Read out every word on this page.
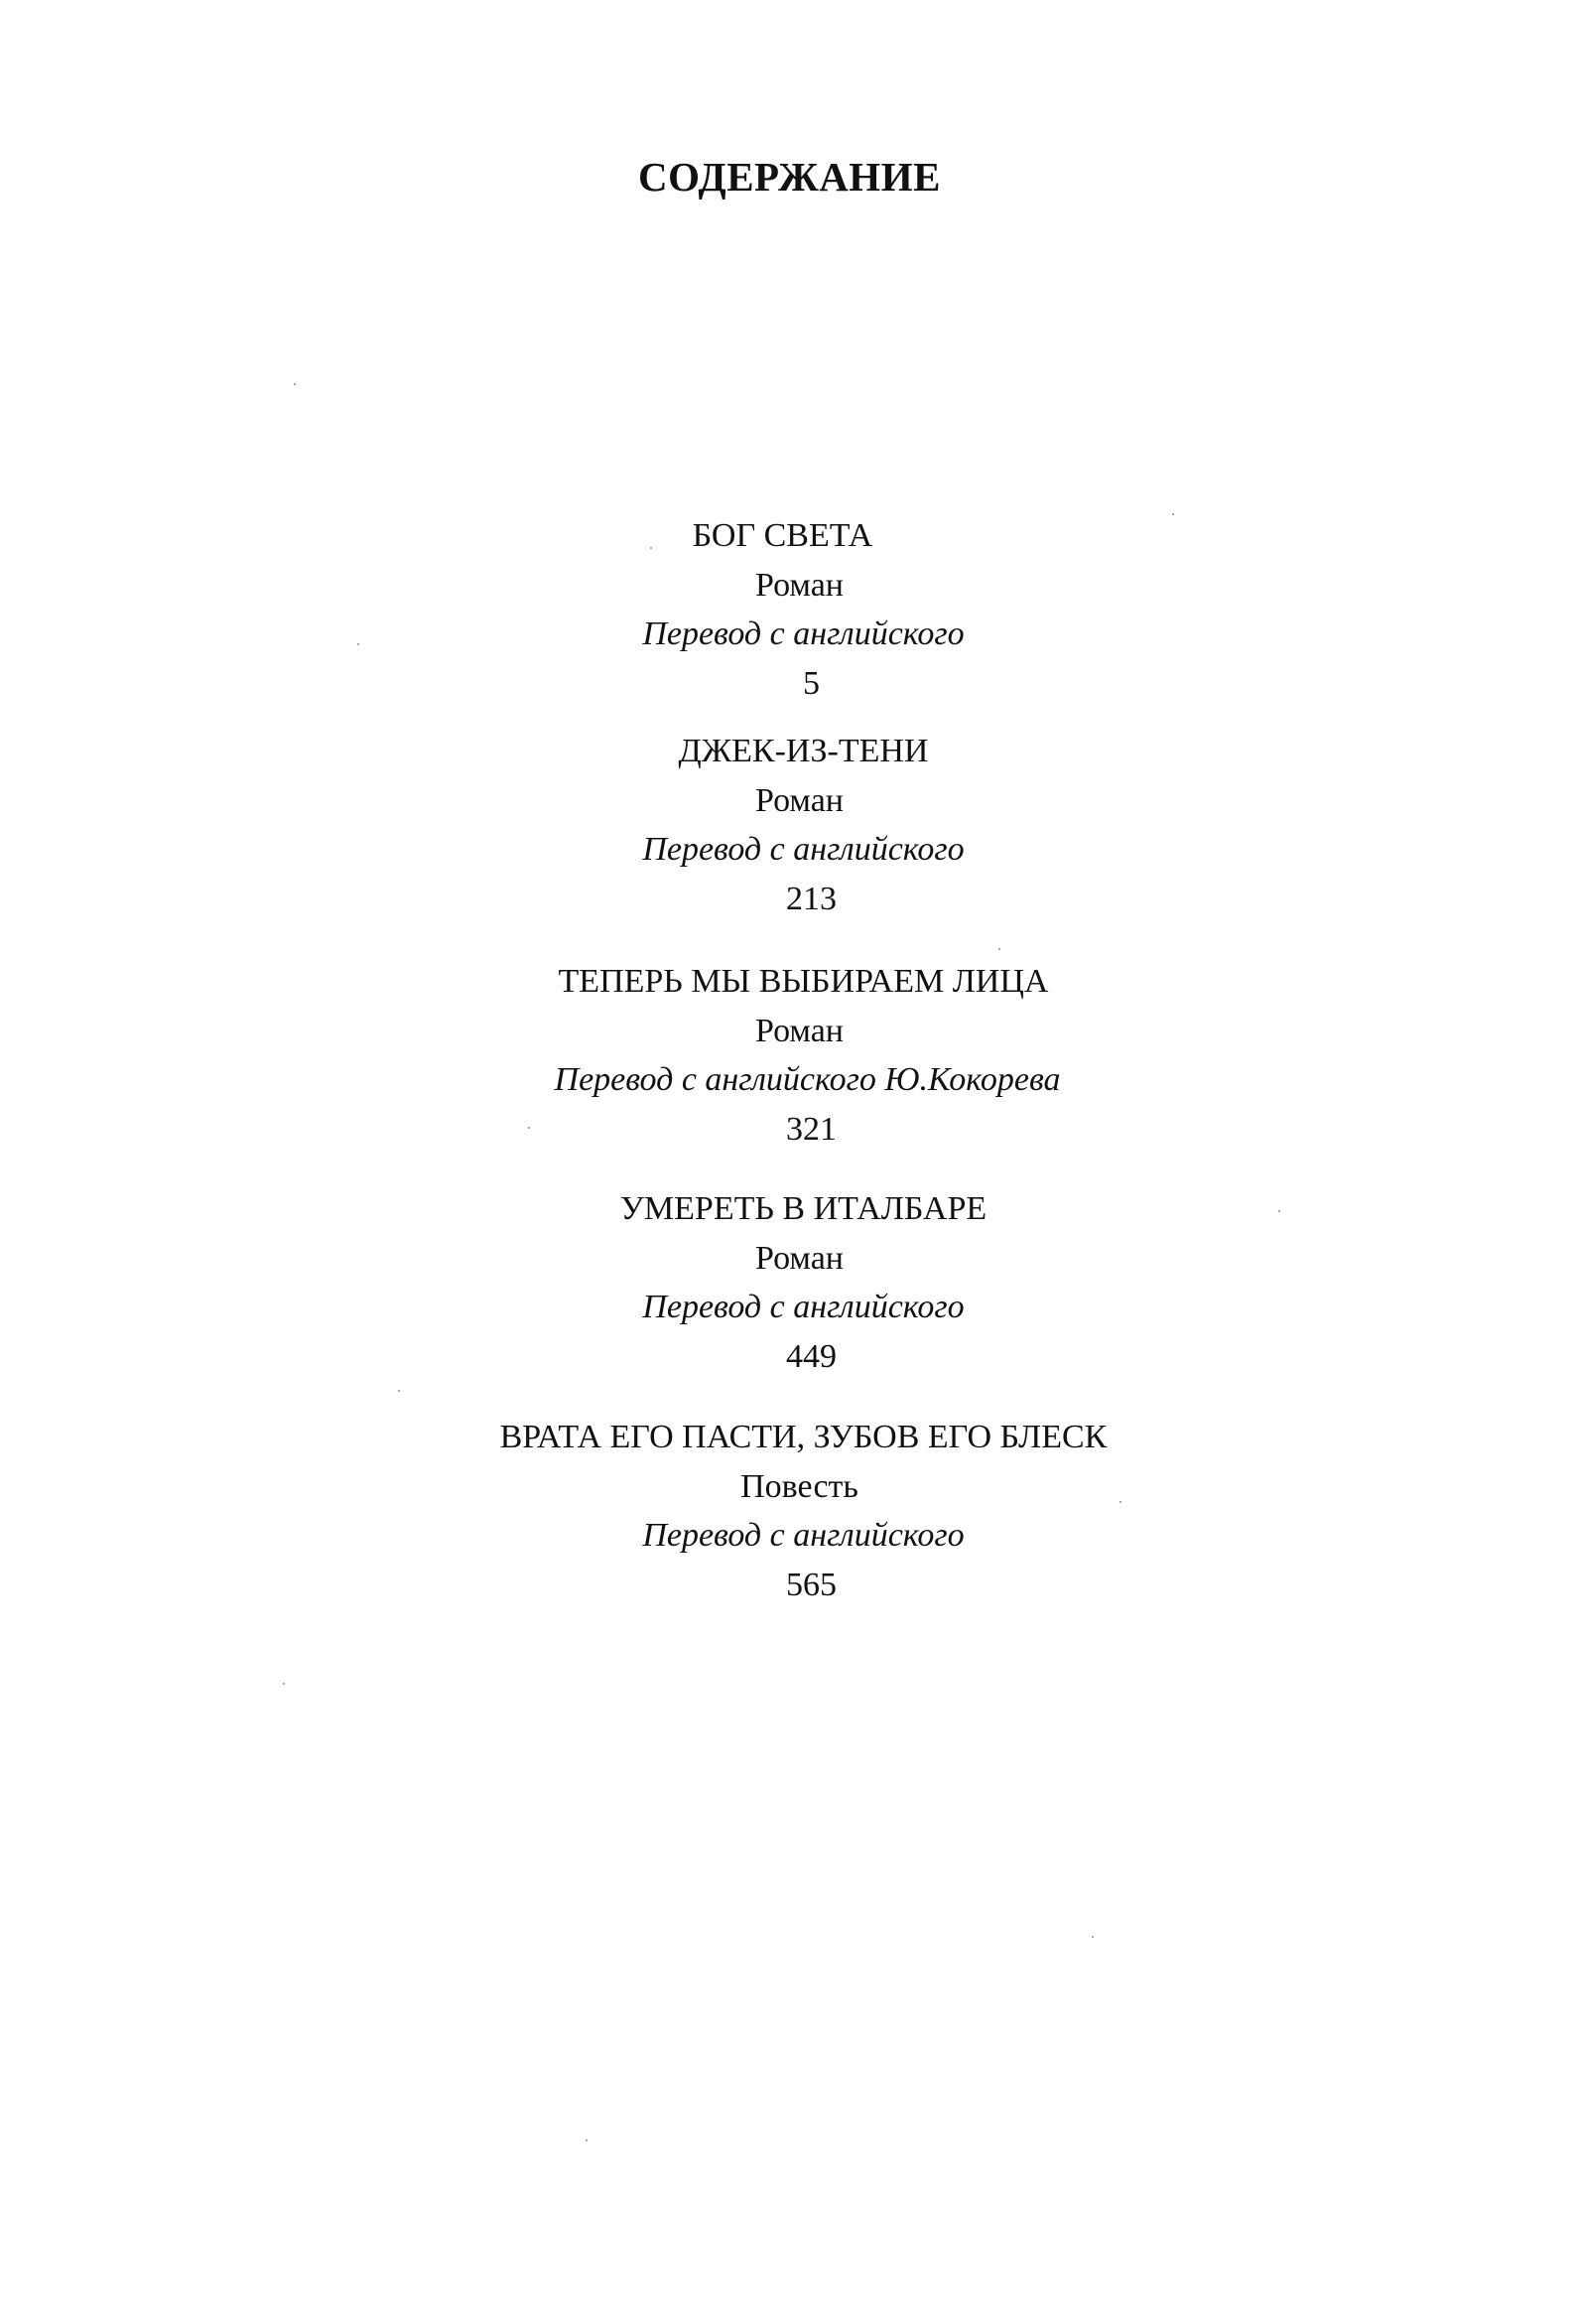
СОДЕРЖАНИЕ
БОГ СВЕТА
Роман
Перевод с английского
5
ДЖЕК-ИЗ-ТЕНИ
Роман
Перевод с английского
213
ТЕПЕРЬ МЫ ВЫБИРАЕМ ЛИЦА
Роман
Перевод с английского Ю.Кокорева
321
УМЕРЕТЬ В ИТАЛБАРЕ
Роман
Перевод с английского
449
ВРАТА ЕГО ПАСТИ, ЗУБОВ ЕГО БЛЕСК
Повесть
Перевод с английского
565
